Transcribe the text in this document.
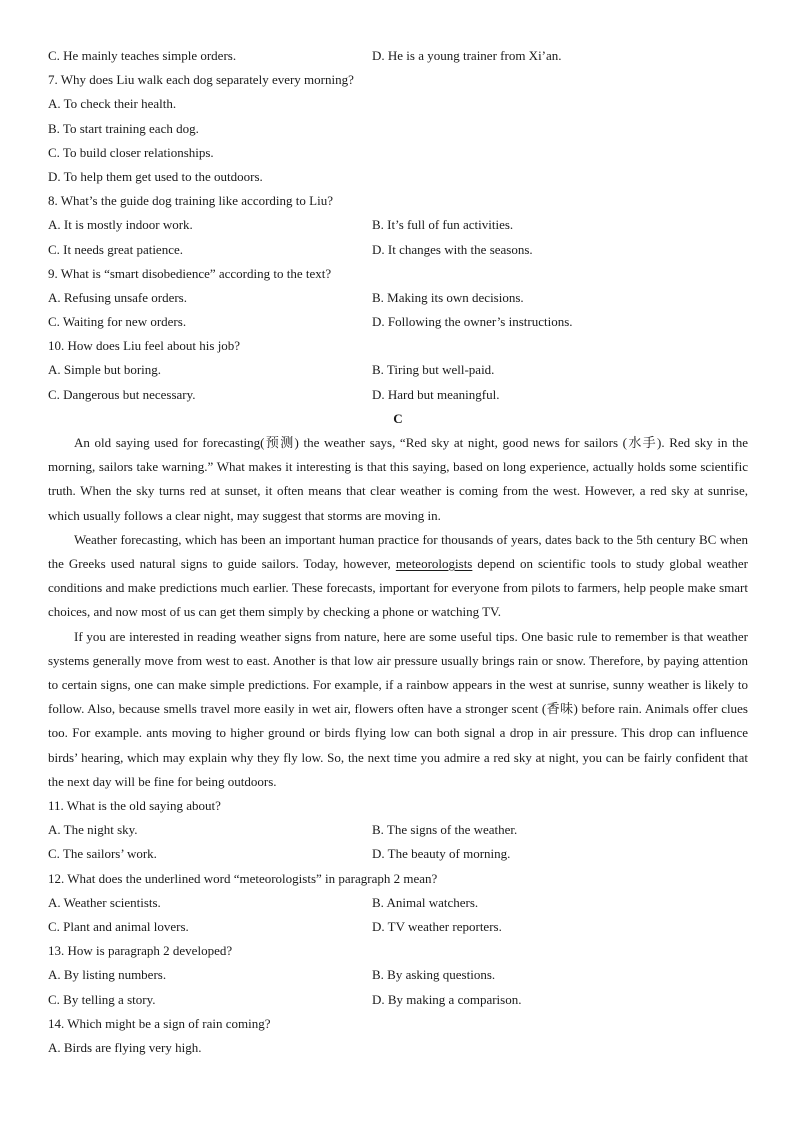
C. He mainly teaches simple orders.	D. He is a young trainer from Xi’an.
7. Why does Liu walk each dog separately every morning?
A. To check their health.
B. To start training each dog.
C. To build closer relationships.
D. To help them get used to the outdoors.
8. What’s the guide dog training like according to Liu?
A. It is mostly indoor work.	B. It’s full of fun activities.
C. It needs great patience.	D. It changes with the seasons.
9. What is “smart disobedience” according to the text?
A. Refusing unsafe orders.	B. Making its own decisions.
C. Waiting for new orders.	D. Following the owner’s instructions.
10. How does Liu feel about his job?
A. Simple but boring.	B. Tiring but well-paid.
C. Dangerous but necessary.	D. Hard but meaningful.
C

An old saying used for forecasting(预测) the weather says, “Red sky at night, good news for sailors (水手). Red sky in the morning, sailors take warning.” What makes it interesting is that this saying, based on long experience, actually holds some scientific truth. When the sky turns red at sunset, it often means that clear weather is coming from the west. However, a red sky at sunrise, which usually follows a clear night, may suggest that storms are moving in.

Weather forecasting, which has been an important human practice for thousands of years, dates back to the 5th century BC when the Greeks used natural signs to guide sailors. Today, however, meteorologists depend on scientific tools to study global weather conditions and make predictions much earlier. These forecasts, important for everyone from pilots to farmers, help people make smart choices, and now most of us can get them simply by checking a phone or watching TV.

If you are interested in reading weather signs from nature, here are some useful tips. One basic rule to remember is that weather systems generally move from west to east. Another is that low air pressure usually brings rain or snow. Therefore, by paying attention to certain signs, one can make simple predictions. For example, if a rainbow appears in the west at sunrise, sunny weather is likely to follow. Also, because smells travel more easily in wet air, flowers often have a stronger scent (香味) before rain. Animals offer clues too. For example. ants moving to higher ground or birds flying low can both signal a drop in air pressure. This drop can influence birds’ hearing, which may explain why they fly low. So, the next time you admire a red sky at night, you can be fairly confident that the next day will be fine for being outdoors.

11. What is the old saying about?
A. The night sky.	B. The signs of the weather.
C. The sailors’ work.	D. The beauty of morning.
12. What does the underlined word “meteorologists” in paragraph 2 mean?
A. Weather scientists.	B. Animal watchers.
C. Plant and animal lovers.	D. TV weather reporters.
13. How is paragraph 2 developed?
A. By listing numbers.	B. By asking questions.
C. By telling a story.	D. By making a comparison.
14. Which might be a sign of rain coming?
A. Birds are flying very high.
